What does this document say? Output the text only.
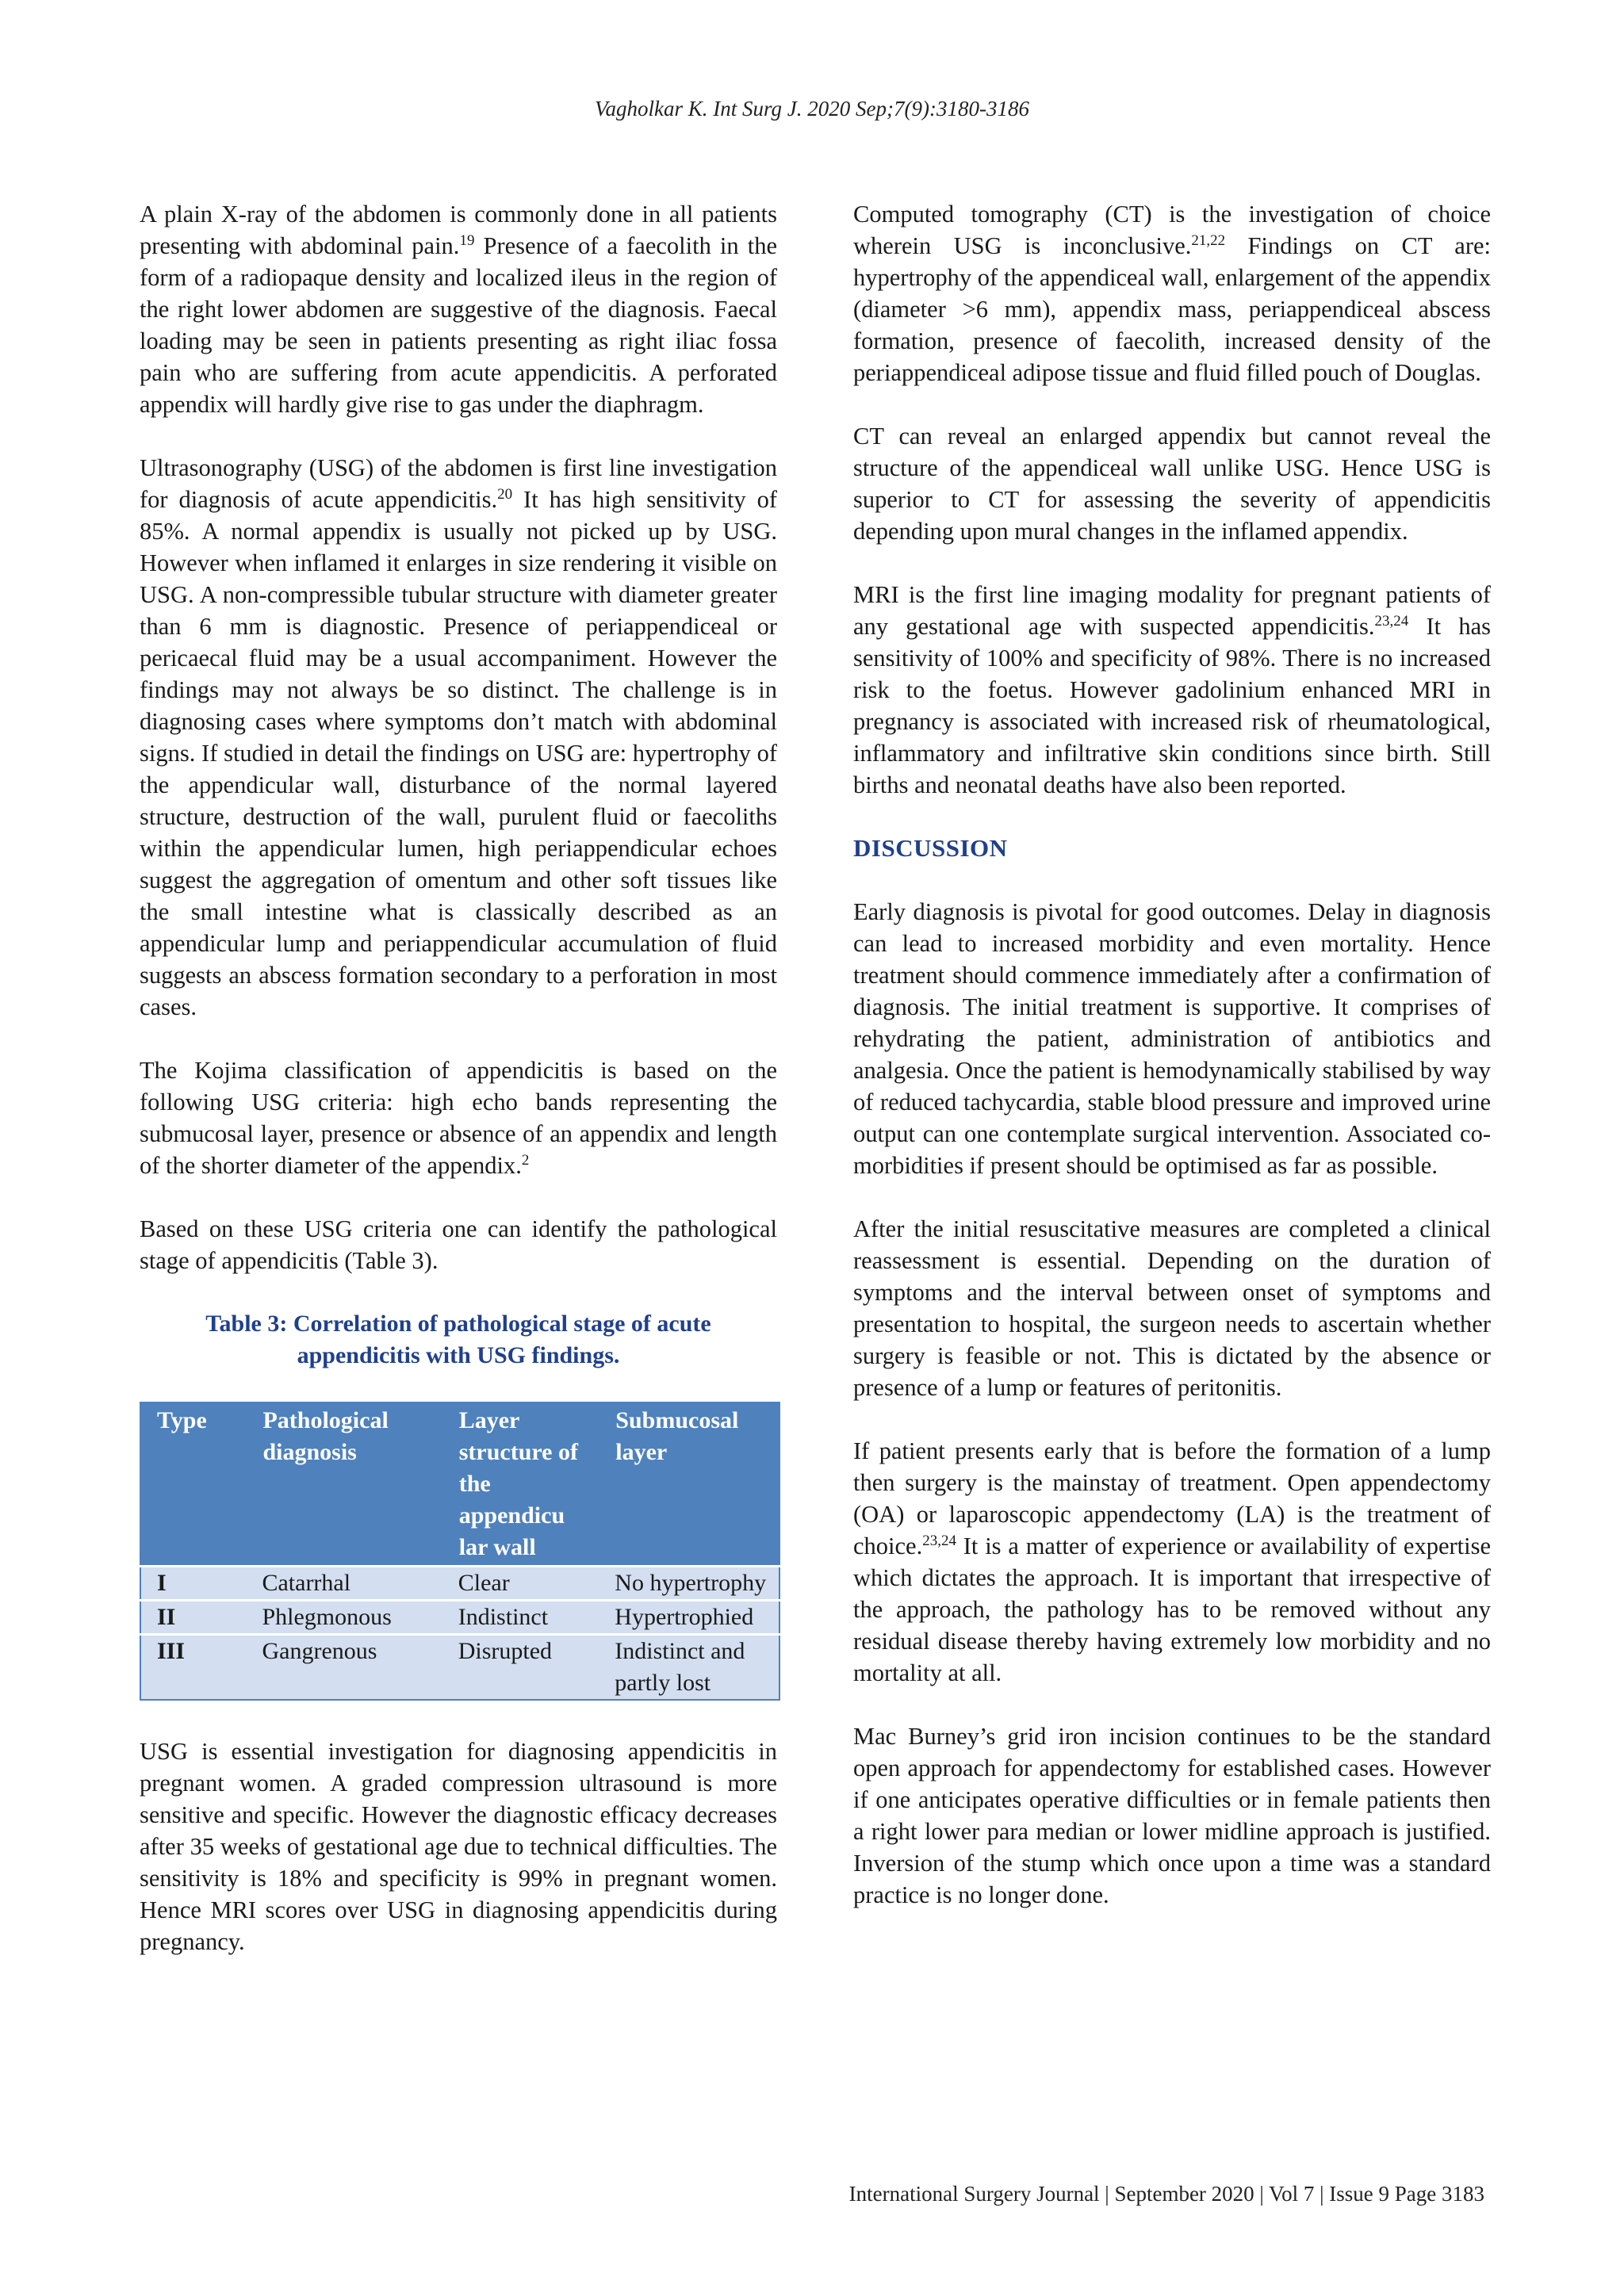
Vagholkar K. Int Surg J. 2020 Sep;7(9):3180-3186

A plain X-ray of the abdomen is commonly done in all patients presenting with abdominal pain.$^{19}$ Presence of a faecolith in the form of a radiopaque density and localized ileus in the region of the right lower abdomen are suggestive of the diagnosis. Faecal loading may be seen in patients presenting as right iliac fossa pain who are suffering from acute appendicitis. A perforated appendix will hardly give rise to gas under the diaphragm.

Ultrasonography (USG) of the abdomen is first line investigation for diagnosis of acute appendicitis.$^{20}$ It has high sensitivity of 85%. A normal appendix is usually not picked up by USG. However when inflamed it enlarges in size rendering it visible on USG. A non-compressible tubular structure with diameter greater than 6 mm is diagnostic. Presence of periappendiceal or pericaecal fluid may be a usual accompaniment. However the findings may not always be so distinct. The challenge is in diagnosing cases where symptoms don’t match with abdominal signs. If studied in detail the findings on USG are: hypertrophy of the appendicular wall, disturbance of the normal layered structure, destruction of the wall, purulent fluid or faecoliths within the appendicular lumen, high periappendicular echoes suggest the aggregation of omentum and other soft tissues like the small intestine what is classically described as an appendicular lump and periappendicular accumulation of fluid suggests an abscess formation secondary to a perforation in most cases.

The Kojima classification of appendicitis is based on the following USG criteria: high echo bands representing the submucosal layer, presence or absence of an appendix and length of the shorter diameter of the appendix.$^2$

Based on these USG criteria one can identify the pathological stage of appendicitis (Table 3).

Table 3: Correlation of pathological stage of acute appendicitis with USG findings.
Type	Pathological diagnosis	Layer structure of the appendicu lar wall	Submucosal layer
I	Catarrhal	Clear	No hypertrophy
II	Phlegmonous	Indistinct	Hypertrophied
III	Gangrenous	Disrupted	Indistinct and partly lost

USG is essential investigation for diagnosing appendicitis in pregnant women. A graded compression ultrasound is more sensitive and specific. However the diagnostic efficacy decreases after 35 weeks of gestational age due to technical difficulties. The sensitivity is 18% and specificity is 99% in pregnant women. Hence MRI scores over USG in diagnosing appendicitis during pregnancy.

Computed tomography (CT) is the investigation of choice wherein USG is inconclusive.$^{21,22}$ Findings on CT are: hypertrophy of the appendiceal wall, enlargement of the appendix (diameter >6 mm), appendix mass, periappendiceal abscess formation, presence of faecolith, increased density of the periappendiceal adipose tissue and fluid filled pouch of Douglas.

CT can reveal an enlarged appendix but cannot reveal the structure of the appendiceal wall unlike USG. Hence USG is superior to CT for assessing the severity of appendicitis depending upon mural changes in the inflamed appendix.

MRI is the first line imaging modality for pregnant patients of any gestational age with suspected appendicitis.$^{23,24}$ It has sensitivity of 100% and specificity of 98%. There is no increased risk to the foetus. However gadolinium enhanced MRI in pregnancy is associated with increased risk of rheumatological, inflammatory and infiltrative skin conditions since birth. Still births and neonatal deaths have also been reported.

DISCUSSION

Early diagnosis is pivotal for good outcomes. Delay in diagnosis can lead to increased morbidity and even mortality. Hence treatment should commence immediately after a confirmation of diagnosis. The initial treatment is supportive. It comprises of rehydrating the patient, administration of antibiotics and analgesia. Once the patient is hemodynamically stabilised by way of reduced tachycardia, stable blood pressure and improved urine output can one contemplate surgical intervention. Associated co-morbidities if present should be optimised as far as possible.

After the initial resuscitative measures are completed a clinical reassessment is essential. Depending on the duration of symptoms and the interval between onset of symptoms and presentation to hospital, the surgeon needs to ascertain whether surgery is feasible or not. This is dictated by the absence or presence of a lump or features of peritonitis.

If patient presents early that is before the formation of a lump then surgery is the mainstay of treatment. Open appendectomy (OA) or laparoscopic appendectomy (LA) is the treatment of choice.$^{23,24}$ It is a matter of experience or availability of expertise which dictates the approach. It is important that irrespective of the approach, the pathology has to be removed without any residual disease thereby having extremely low morbidity and no mortality at all.

Mac Burney’s grid iron incision continues to be the standard open approach for appendectomy for established cases. However if one anticipates operative difficulties or in female patients then a right lower para median or lower midline approach is justified. Inversion of the stump which once upon a time was a standard practice is no longer done.

International Surgery Journal | September 2020 | Vol 7 | Issue 9 Page 3183
